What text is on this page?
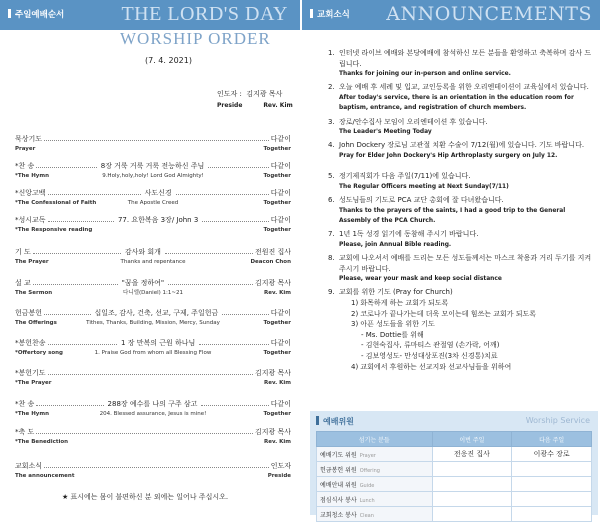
주일예배순서	THE LORD'S DAY
WORSHIP ORDER
(7. 4. 2021)
인도자 : 김지광 목사
Preside	Rev. Kim
묵상기도	다같이
Prayer	Together
*찬 송	8장 거룩 거룩 거룩 전능하신 주님	다같이
*The Hymn	9.Holy,holy,holy! Lord God Almighty!	Together
*신앙고백	사도신경	다같이
*The Confessional of Faith	The Apostle Creed	Together
*성시교독	77. 요한복음 3장/ John 3	다같이
*The Responsive reading	Together
기 도	감사와 회개	전원진 집사
The Prayer	Thanks and repentance	Deacon Chon
설 교	"꿈을 정하여"	김지광 목사
The Sermon	다니엘(Daniel) 1:1~21	Rev. Kim
헌금봉헌	십일조, 감사, 건축, 선교, 구제, 주일헌금	다같이
The Offerings	Tithes, Thanks, Building, Mission, Mercy, Sunday	Together
*봉헌찬송	1 장 만복의 근원 하나님	다같이
*Offertory song	1. Praise God from whom all Blessing Flow	Together
*봉헌기도	김지광 목사
*The Prayer	Rev. Kim
*찬 송	288장 예수를 나의 구주 삼고	다같이
*The Hymn	204. Blessed assurance, Jesus is mine!	Together
*축 도	김지광 목사
*The Benediction	Rev. Kim
교회소식	인도자
The announcement	Preside
★ 표시에는 몸이 불편하신 분 외에는 일어나 주십시오.
교회소식 ANNOUNCEMENTS
1. 인터넷 라이브 예배와 본당예배에 참석하신 모든 분들을 환영하고 축복하며 감사 드립니다.
Thanks for joining our in-person and online service.
2. 오늘 예배 후 세례 및 입교, 교인등록을 위한 오리엔테이션이 교육실에서 있습니다.
After today's service, there is an orientation in the education room for baptism, entrance, and registration of church members.
3. 장로/안수집사 모임이 오리엔테이션 후 있습니다.
The Leader's Meeting Today
4. John Dockery 장로님 고관절 치환 수술이 7/12(월)에 있습니다. 기도 바랍니다.
Pray for Elder John Dockery's Hip Arthroplasty surgery on July 12.
5. 정기제직회가 다음 주일(7/11)에 있습니다.
The Regular Officers meeting at Next Sunday(7/11)
6. 성도님들의 기도로 PCA 교단 총회에 잘 다녀왔습니다.
Thanks to the prayers of the saints, I had a good trip to the General Assembly of the PCA Church.
7. 1년 1독 성경 읽기에 동참해 주시기 바랍니다.
Please, join Annual Bible reading.
8. 교회에 나오셔서 예배를 드리는 모든 성도들께서는 마스크 착용과 거리 두기를 지켜주시기 바랍니다.
Please, wear your mask and keep social distance
9. 교회를 위한 기도 (Pray for Church)
1) 화목하게 하는 교회가 되도록
2) 코로나가 끝나가는데 더욱 모이는데 힘쓰는 교회가 되도록
3) 아픈 성도들을 위한 기도
- Ms. Dottie를 위해
- 김현숙집사, 류마티스 관절염 (손가락, 어깨)
- 김보영성도- 만성대상포진(3차 신경통)치료
4) 교회에서 후원하는 선교지와 선교사님들을 위하여
예배위원	Worship Service
섬기는 분들	이번 주일	다음 주일
예배기도 위원 Prayer	전응진 집사	이광수 장로
헌금봉헌 위원 Offering		
예배안내 위원 Guide		
점심식사 봉사 Lunch		
교회청소 봉사 Clean		
